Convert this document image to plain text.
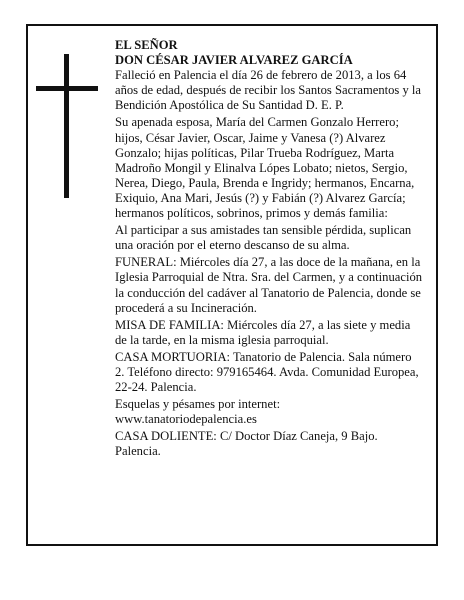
EL SEÑOR

DON CÉSAR JAVIER ALVAREZ GARCÍA

Falleció en Palencia el día 26 de febrero de 2013, a los 64 años de edad, después de recibir los Santos Sacramentos y la Bendición Apostólica de Su Santidad D. E. P.

Su apenada esposa, María del Carmen Gonzalo Herrero; hijos, César Javier, Oscar, Jaime y Vanesa (?) Alvarez Gonzalo; hijas políticas, Pilar Trueba Rodríguez, Marta Madroño Mongil y Elinalva Lópes Lobato; nietos, Sergio, Nerea, Diego, Paula, Brenda e Ingridy; hermanos, Encarna, Exiquio, Ana Mari, Jesús (?) y Fabián (?) Alvarez García; hermanos políticos, sobrinos, primos y demás familia:

Al participar a sus amistades tan sensible pérdida, suplican una oración por el eterno descanso de su alma.

FUNERAL: Miércoles día 27, a las doce de la mañana, en la Iglesia Parroquial de Ntra. Sra. del Carmen, y a continuación la conducción del cadáver al Tanatorio de Palencia, donde se procederá a su Incineración.

MISA DE FAMILIA: Miércoles día 27, a las siete y media de la tarde, en la misma iglesia parroquial.

CASA MORTUORIA: Tanatorio de Palencia. Sala número 2. Teléfono directo: 979165464. Avda. Comunidad Europea, 22-24. Palencia.

Esquelas y pésames por internet: www.tanatoriodepalencia.es

CASA DOLIENTE: C/ Doctor Díaz Caneja, 9 Bajo. Palencia.
